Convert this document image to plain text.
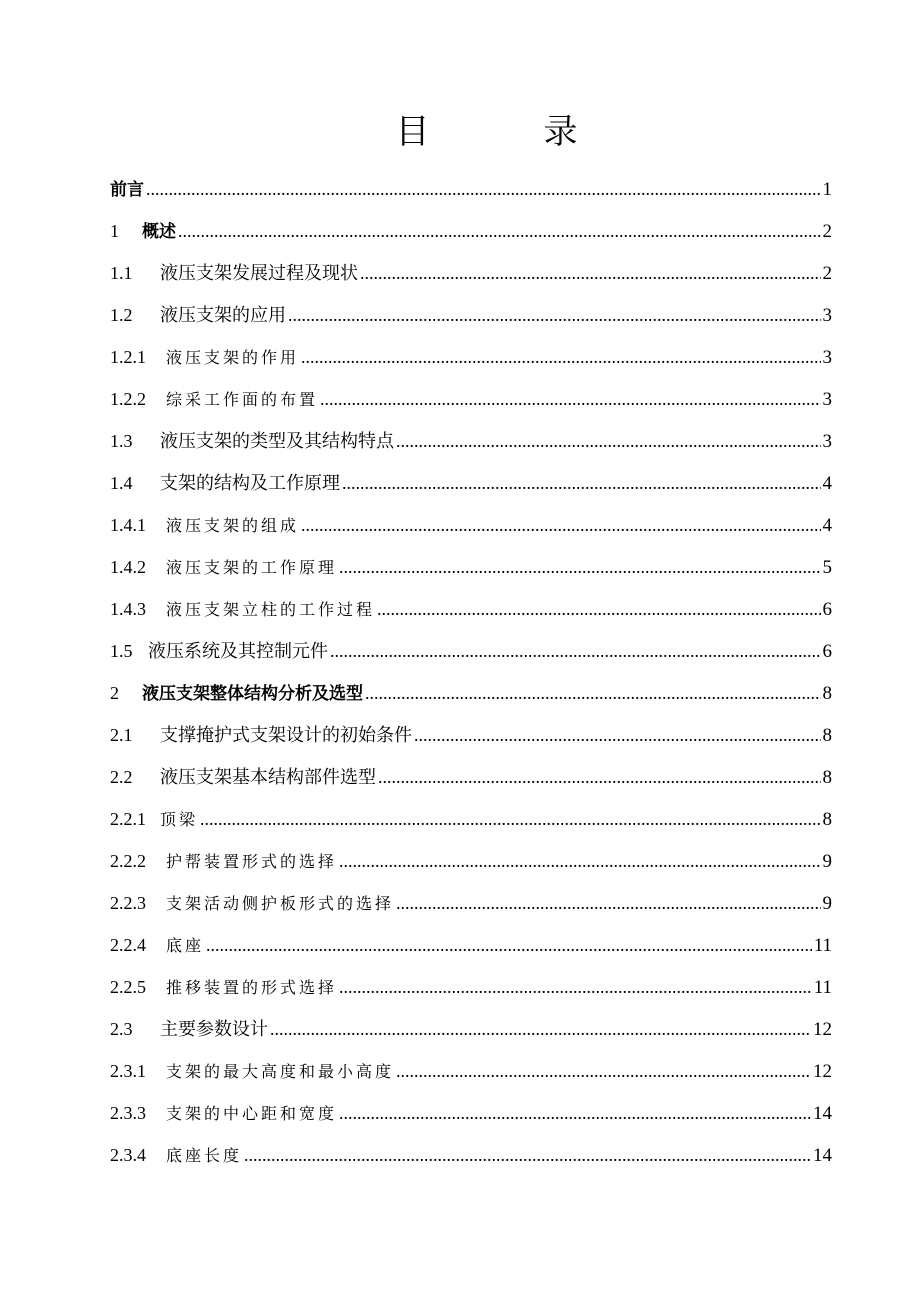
目　录
前言 .....	1
1 概述 .....	2
1.1 液压支架发展过程及现状 .....	2
1.2 液压支架的应用 .....	3
1.2.1 液压支架的作用 .....	3
1.2.2 综采工作面的布置 .....	3
1.3 液压支架的类型及其结构特点 .....	3
1.4 支架的结构及工作原理 .....	4
1.4.1 液压支架的组成 .....	4
1.4.2 液压支架的工作原理 .....	5
1.4.3 液压支架立柱的工作过程 .....	6
1.5 液压系统及其控制元件 .....	6
2 液压支架整体结构分析及选型 .....	8
2.1 支撑掩护式支架设计的初始条件 .....	8
2.2 液压支架基本结构部件选型 .....	8
2.2.1 顶梁 .....	8
2.2.2 护帮装置形式的选择 .....	9
2.2.3 支架活动侧护板形式的选择 .....	9
2.2.4 底座 .....	11
2.2.5 推移装置的形式选择 .....	11
2.3 主要参数设计 .....	12
2.3.1 支架的最大高度和最小高度 .....	12
2.3.3 支架的中心距和宽度 .....	14
2.3.4 底座长度 .....	14
